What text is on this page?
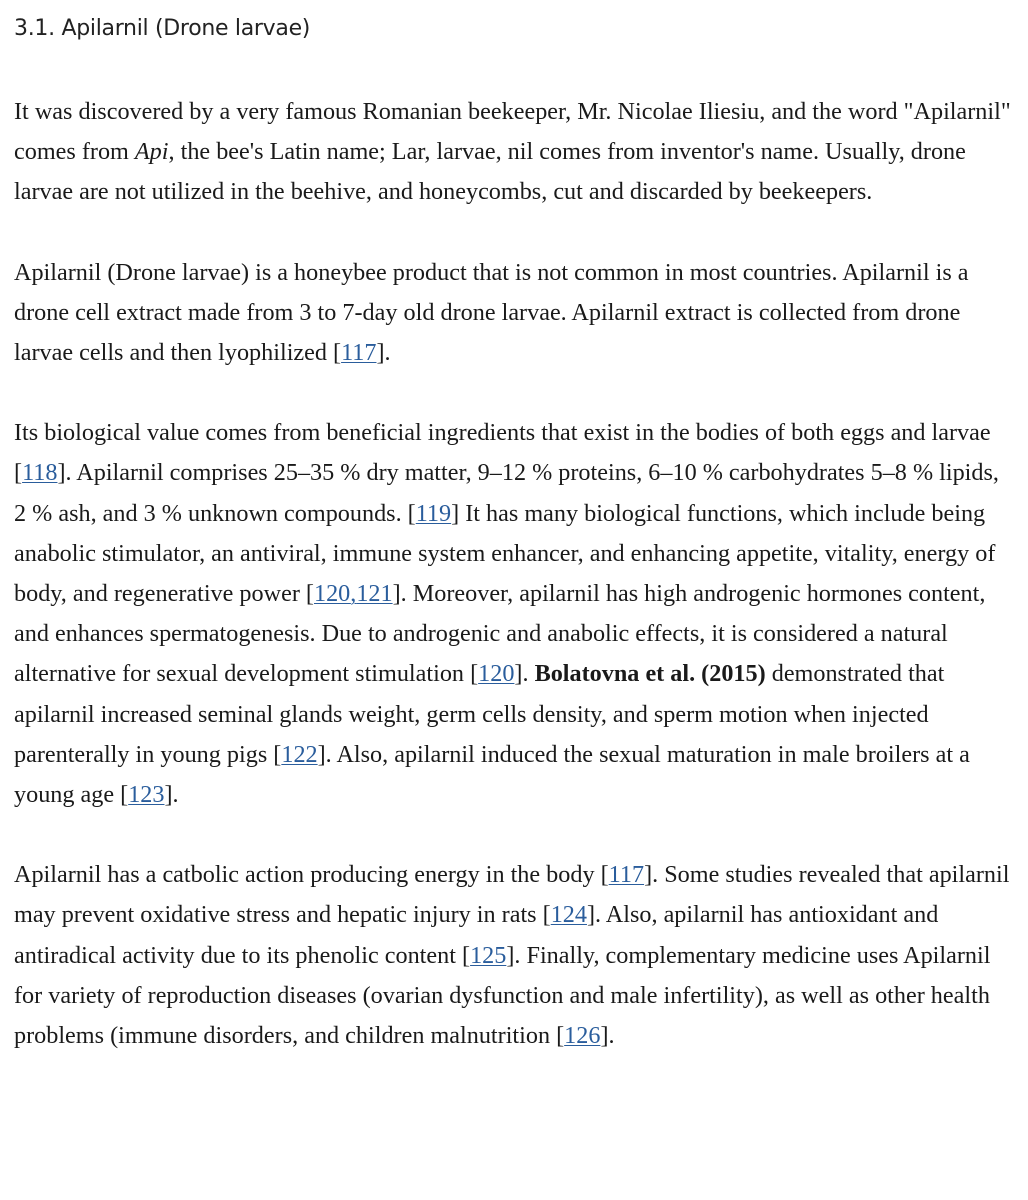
3.1. Apilarnil (Drone larvae)

It was discovered by a very famous Romanian beekeeper, Mr. Nicolae Iliesiu, and the word "Apilarnil" comes from Api, the bee's Latin name; Lar, larvae, nil comes from inventor's name. Usually, drone larvae are not utilized in the beehive, and honeycombs, cut and discarded by beekeepers.

Apilarnil (Drone larvae) is a honeybee product that is not common in most countries. Apilarnil is a drone cell extract made from 3 to 7-day old drone larvae. Apilarnil extract is collected from drone larvae cells and then lyophilized [117].

Its biological value comes from beneficial ingredients that exist in the bodies of both eggs and larvae [118]. Apilarnil comprises 25–35 % dry matter, 9–12 % proteins, 6–10 % carbohydrates 5–8 % lipids, 2 % ash, and 3 % unknown compounds. [119] It has many biological functions, which include being anabolic stimulator, an antiviral, immune system enhancer, and enhancing appetite, vitality, energy of body, and regenerative power [120,121]. Moreover, apilarnil has high androgenic hormones content, and enhances spermatogenesis. Due to androgenic and anabolic effects, it is considered a natural alternative for sexual development stimulation [120]. Bolatovna et al. (2015) demonstrated that apilarnil increased seminal glands weight, germ cells density, and sperm motion when injected parenterally in young pigs [122]. Also, apilarnil induced the sexual maturation in male broilers at a young age [123].

Apilarnil has a catbolic action producing energy in the body [117]. Some studies revealed that apilarnil may prevent oxidative stress and hepatic injury in rats [124]. Also, apilarnil has antioxidant and antiradical activity due to its phenolic content [125]. Finally, complementary medicine uses Apilarnil for variety of reproduction diseases (ovarian dysfunction and male infertility), as well as other health problems (immune disorders, and children malnutrition [126].
